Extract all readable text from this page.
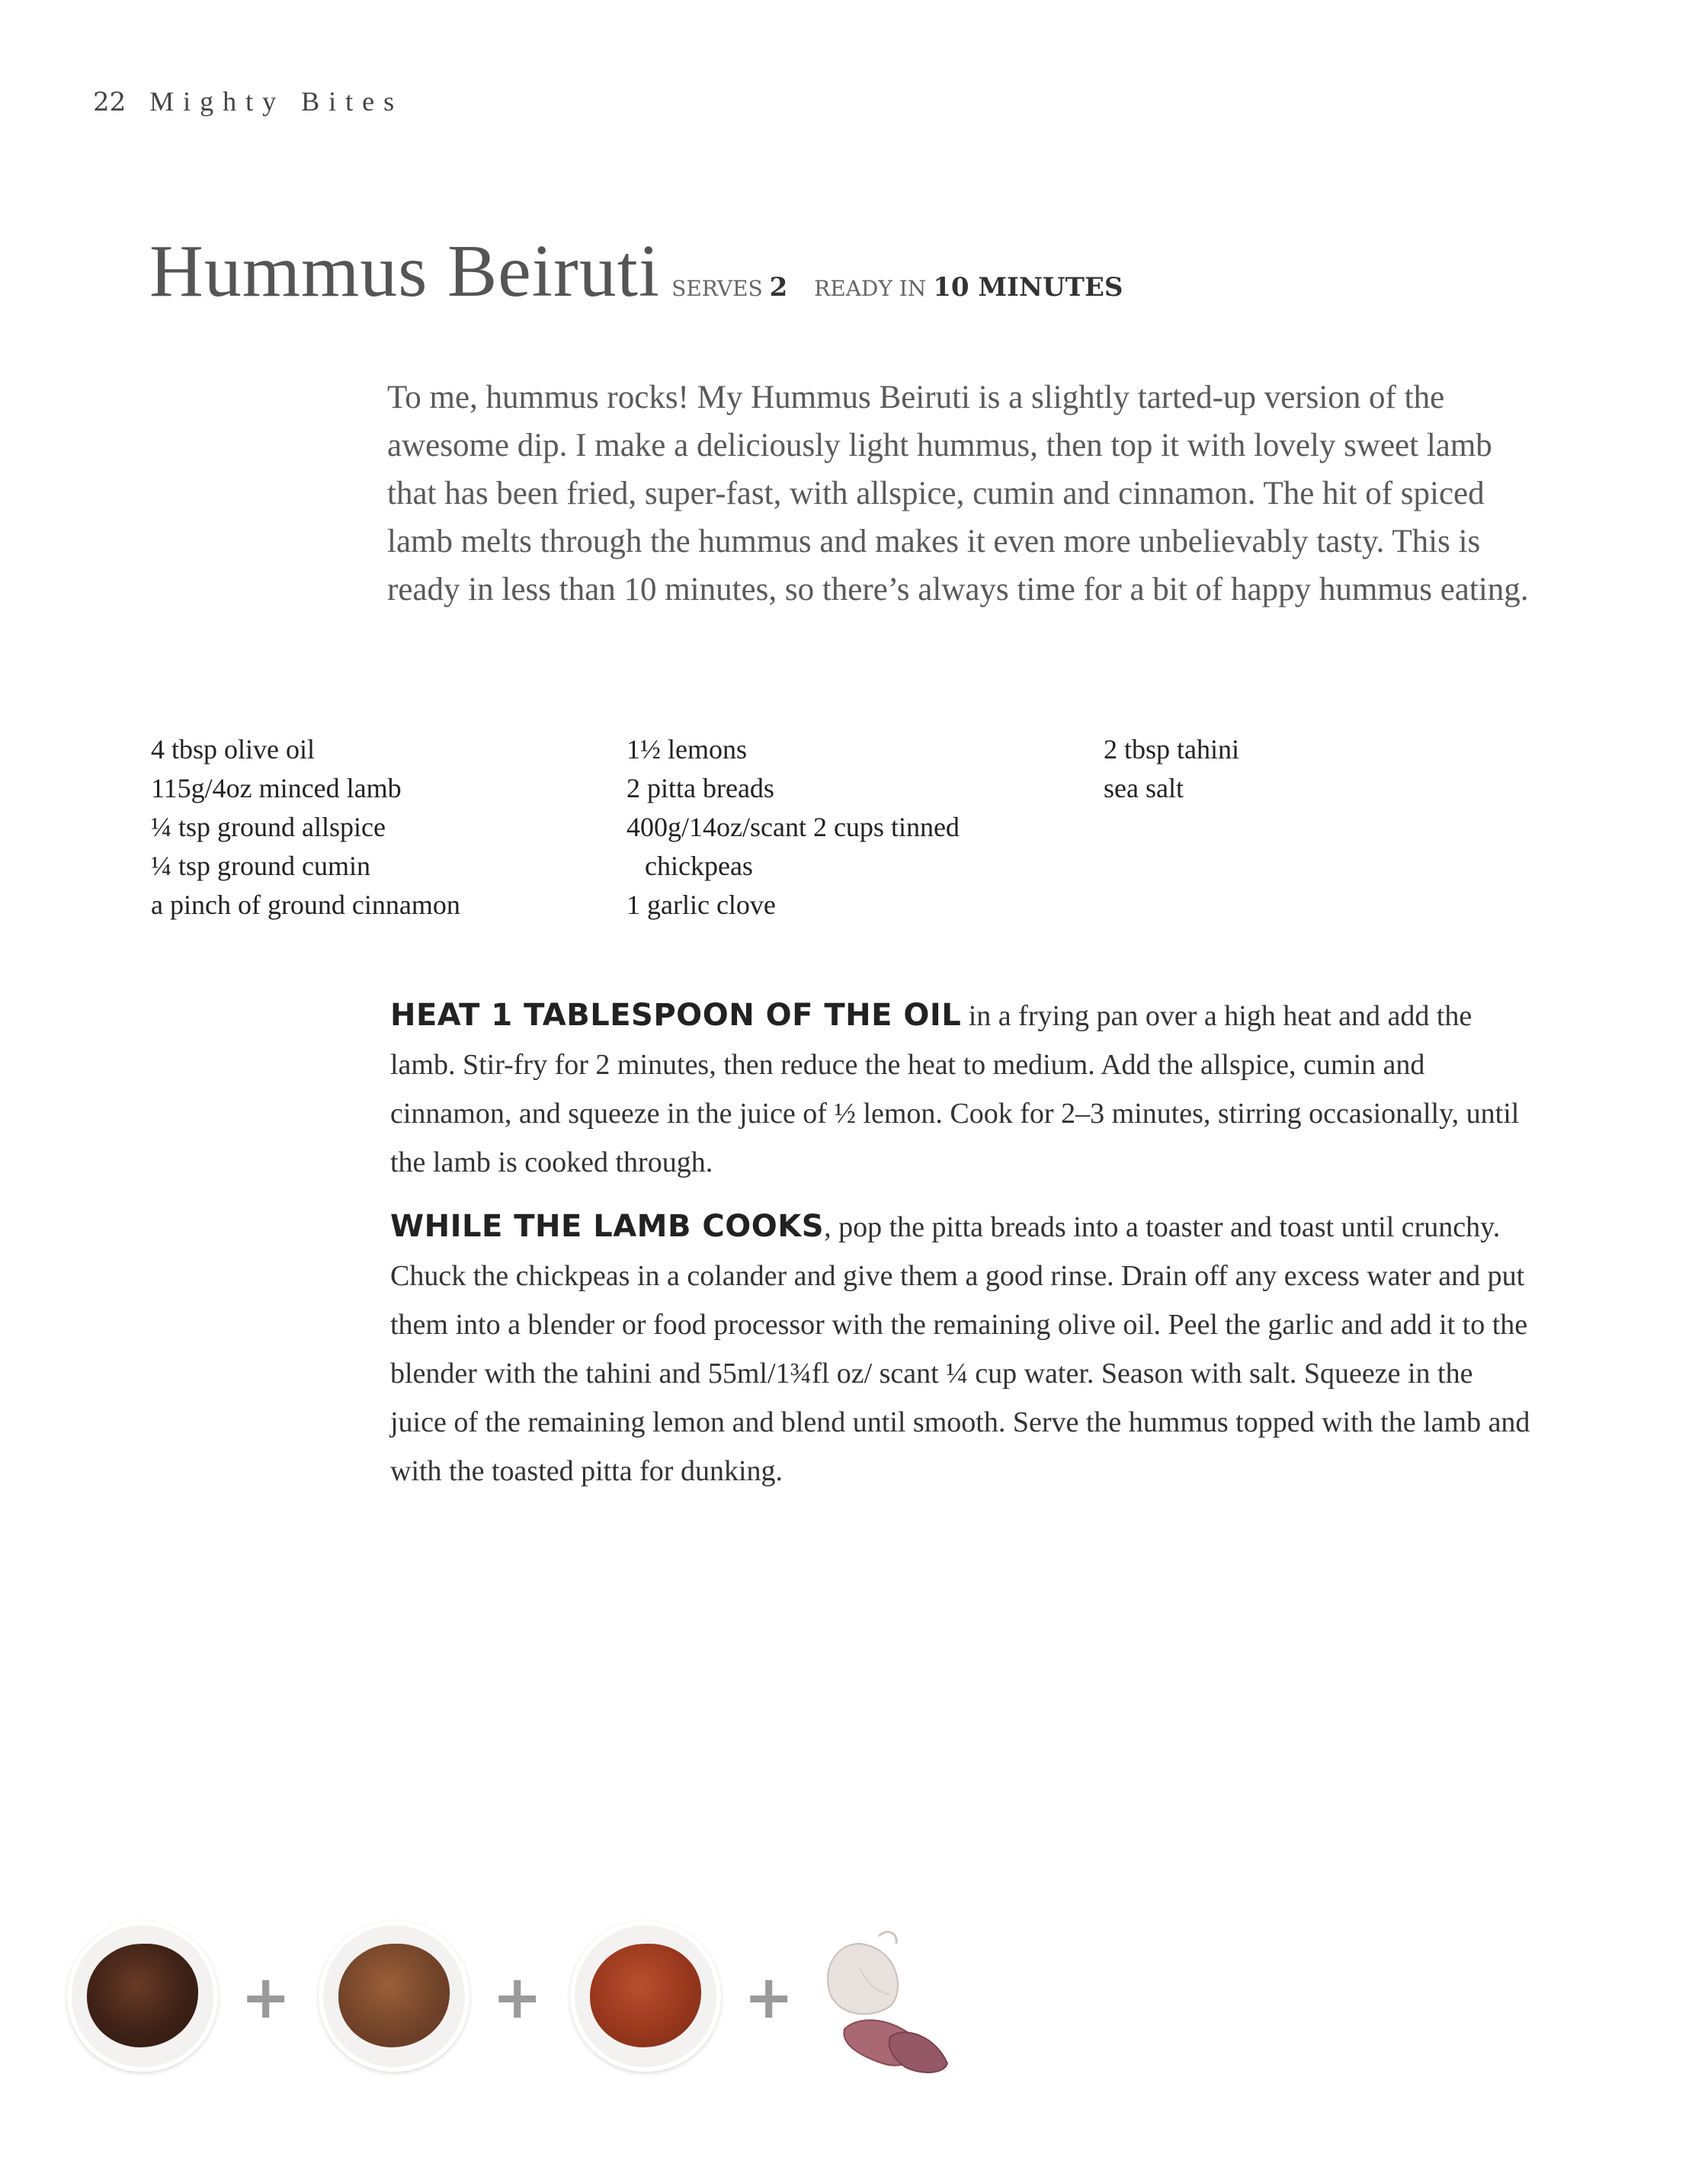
22 Mighty Bites
Hummus Beiruti SERVES 2 READY IN 10 MINUTES
To me, hummus rocks! My Hummus Beiruti is a slightly tarted-up version of the awesome dip. I make a deliciously light hummus, then top it with lovely sweet lamb that has been fried, super-fast, with allspice, cumin and cinnamon. The hit of spiced lamb melts through the hummus and makes it even more unbelievably tasty. This is ready in less than 10 minutes, so there’s always time for a bit of happy hummus eating.
4 tbsp olive oil
115g/4oz minced lamb
¼ tsp ground allspice
¼ tsp ground cumin
a pinch of ground cinnamon
1½ lemons
2 pitta breads
400g/14oz/scant 2 cups tinned
chickpeas
1 garlic clove
2 tbsp tahini
sea salt

HEAT 1 TABLESPOON OF THE OIL in a frying pan over a high heat and add the lamb. Stir-fry for 2 minutes, then reduce the heat to medium. Add the allspice, cumin and cinnamon, and squeeze in the juice of ½ lemon. Cook for 2–3 minutes, stirring occasionally, until the lamb is cooked through.

WHILE THE LAMB COOKS, pop the pitta breads into a toaster and toast until crunchy. Chuck the chickpeas in a colander and give them a good rinse. Drain off any excess water and put them into a blender or food processor with the remaining olive oil. Peel the garlic and add it to the blender with the tahini and 55ml/1¾fl oz/ scant ¼ cup water. Season with salt. Squeeze in the juice of the remaining lemon and blend until smooth. Serve the hummus topped with the lamb and with the toasted pitta for dunking.

+	+	+
